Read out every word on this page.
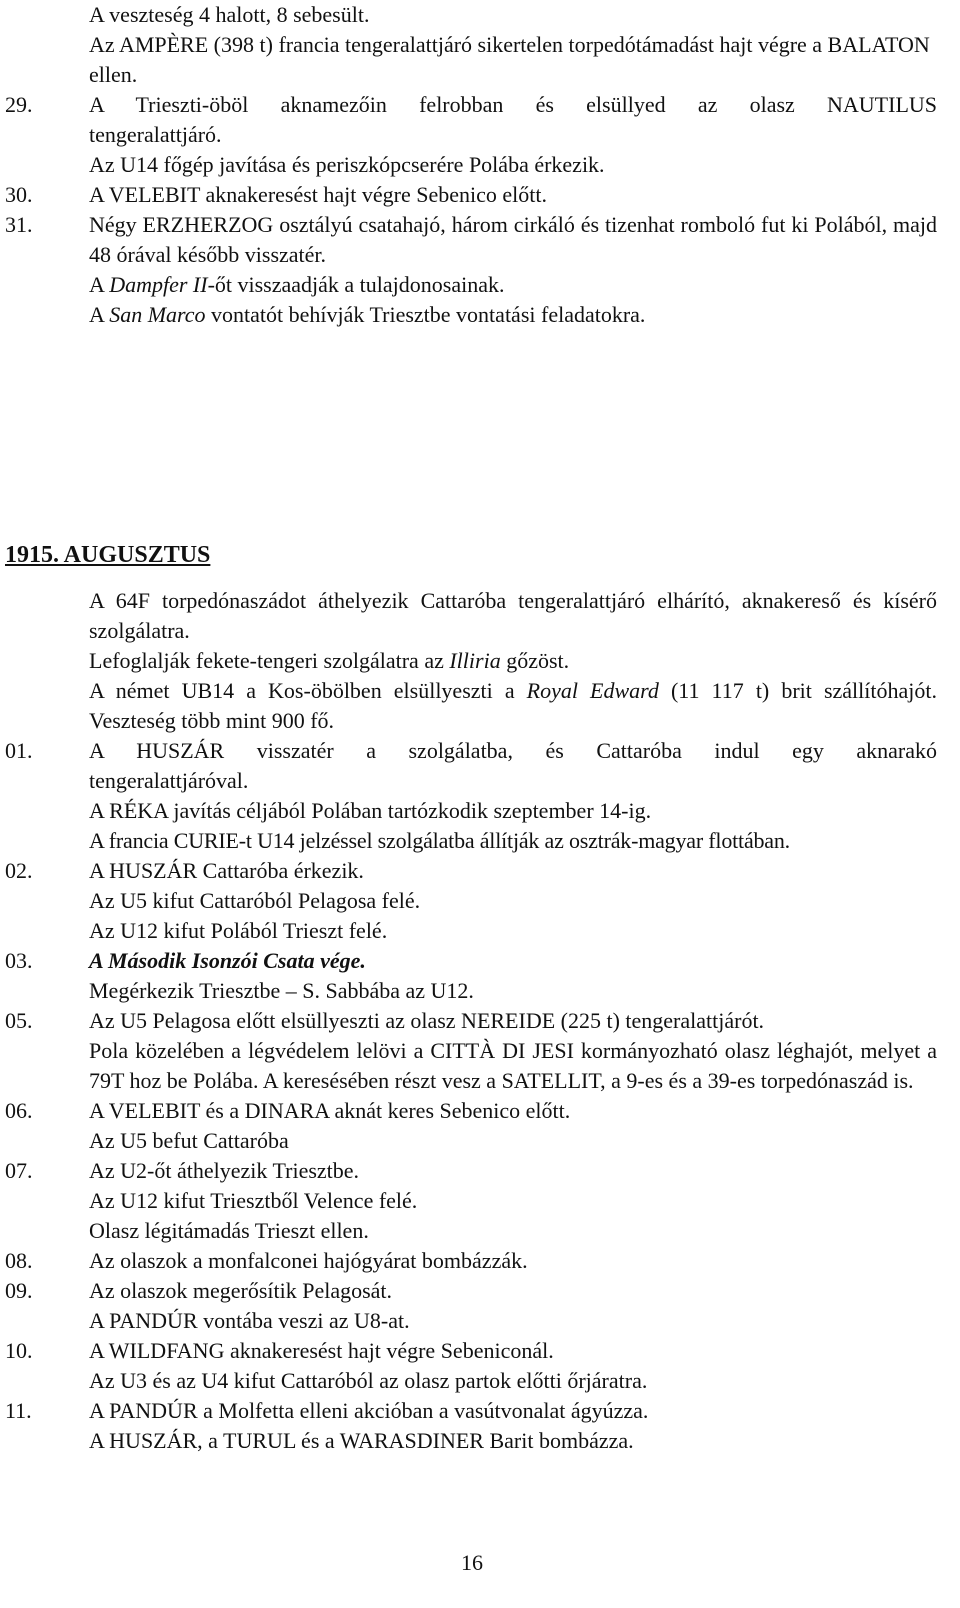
A veszteség 4 halott, 8 sebesült.
Az AMPÈRE (398 t) francia tengeralattjáró sikertelen torpedótámadást hajt végre a BALATON ellen.
29.	A Trieszti-öböl aknamezőin felrobban és elsüllyed az olasz NAUTILUS
tengeralattjáró.
Az U14 főgép javítása és periszkópcserére Polába érkezik.
30.	A VELEBIT aknakeresést hajt végre Sebenico előtt.
31.	Négy ERZHERZOG osztályú csatahajó, három cirkáló és tizenhat romboló fut ki Polából, majd 48 órával később visszatér.
A Dampfer II-őt visszaadják a tulajdonosainak.
A San Marco vontatót behívják Triesztbe vontatási feladatokra.
1915. AUGUSZTUS
A 64F torpedónaszádot áthelyezik Cattaróba tengeralattjáró elhárító, aknakereső és kísérő szolgálatra.
Lefoglalják fekete-tengeri szolgálatra az Illiria gőzöst.
A német UB14 a Kos-öbölben elsüllyeszti a Royal Edward (11 117 t) brit szállítóhajót. Veszteség több mint 900 fő.
01.	A HUSZÁR visszatér a szolgálatba, és Cattaróba indul egy aknarakó
tengeralattjáróval.
A RÉKA javítás céljából Polában tartózkodik szeptember 14-ig.
A francia CURIE-t U14 jelzéssel szolgálatba állítják az osztrák-magyar flottában.
02.	A HUSZÁR Cattaróba érkezik.
Az U5 kifut Cattaróból Pelagosa felé.
Az U12 kifut Polából Trieszt felé.
03.	A Második Isonzói Csata vége.
Megérkezik Triesztbe – S. Sabbába az U12.
05.	Az U5 Pelagosa előtt elsüllyeszti az olasz NEREIDE (225 t) tengeralattjárót.
Pola közelében a légvédelem lelövi a CITTÀ DI JESI kormányozható olasz léghajót, melyet a 79T hoz be Polába. A keresésében részt vesz a SATELLIT, a 9-es és a 39-es torpedónaszád is.
06.	A VELEBIT és a DINARA aknát keres Sebenico előtt.
Az U5 befut Cattaróba
07.	Az U2-őt áthelyezik Triesztbe.
Az U12 kifut Triesztből Velence felé.
Olasz légitámadás Trieszt ellen.
08.	Az olaszok a monfalconei hajógyárat bombázzák.
09.	Az olaszok megerősítik Pelagosát.
A PANDÚR vontába veszi az U8-at.
10.	A WILDFANG aknakeresést hajt végre Sebeniconál.
Az U3 és az U4 kifut Cattaróból az olasz partok előtti őrjáratra.
11.	A PANDÚR a Molfetta elleni akcióban a vasútvonalat ágyúzza.
A HUSZÁR, a TURUL és a WARASDINER Barit bombázza.
16
